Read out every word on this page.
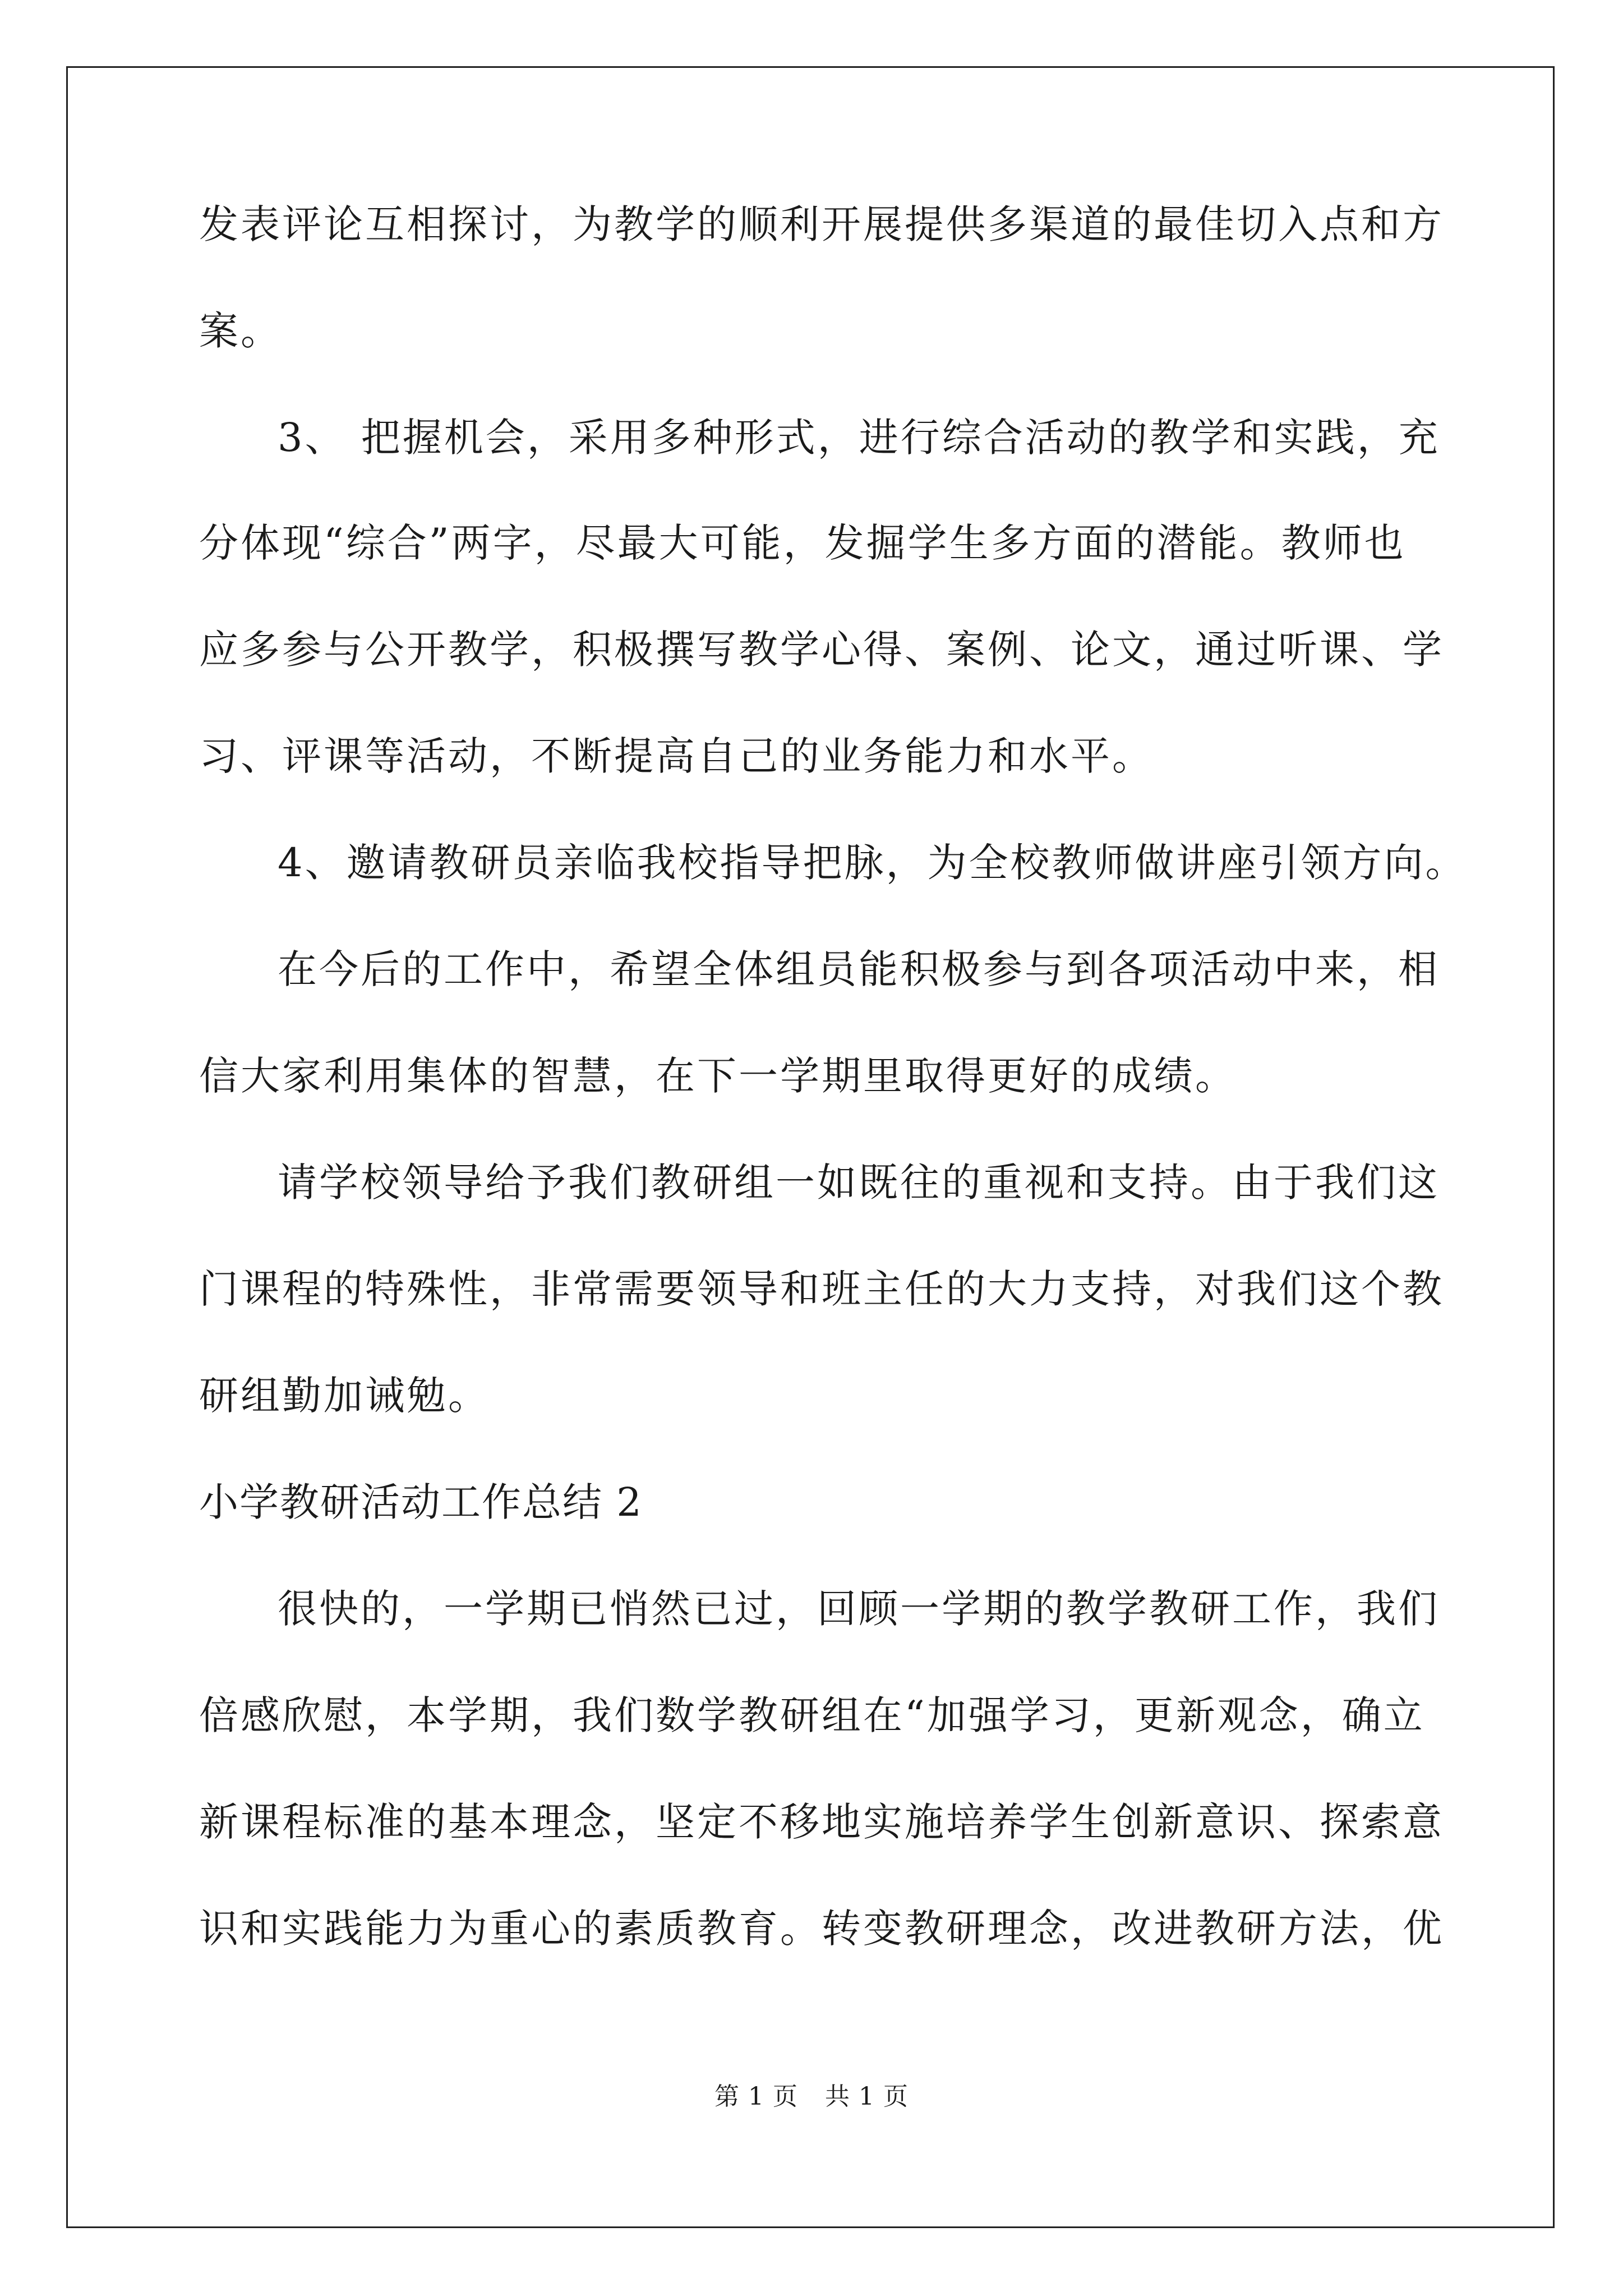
发表评论互相探讨，为教学的顺利开展提供多渠道的最佳切入点和方
案。
3、 把握机会，采用多种形式，进行综合活动的教学和实践，充
分体现“综合”两字，尽最大可能，发掘学生多方面的潜能。教师也
应多参与公开教学，积极撰写教学心得、案例、论文，通过听课、学
习、评课等活动，不断提高自己的业务能力和水平。
4、邀请教研员亲临我校指导把脉，为全校教师做讲座引领方向。
在今后的工作中，希望全体组员能积极参与到各项活动中来，相
信大家利用集体的智慧，在下一学期里取得更好的成绩。
请学校领导给予我们教研组一如既往的重视和支持。由于我们这
门课程的特殊性，非常需要领导和班主任的大力支持，对我们这个教
研组勤加诫勉。
小学教研活动工作总结 2
很快的，一学期已悄然已过，回顾一学期的教学教研工作，我们
倍感欣慰，本学期，我们数学教研组在“加强学习，更新观念，确立
新课程标准的基本理念，坚定不移地实施培养学生创新意识、探索意
识和实践能力为重心的素质教育。转变教研理念，改进教研方法，优
第 1 页 共 1 页
